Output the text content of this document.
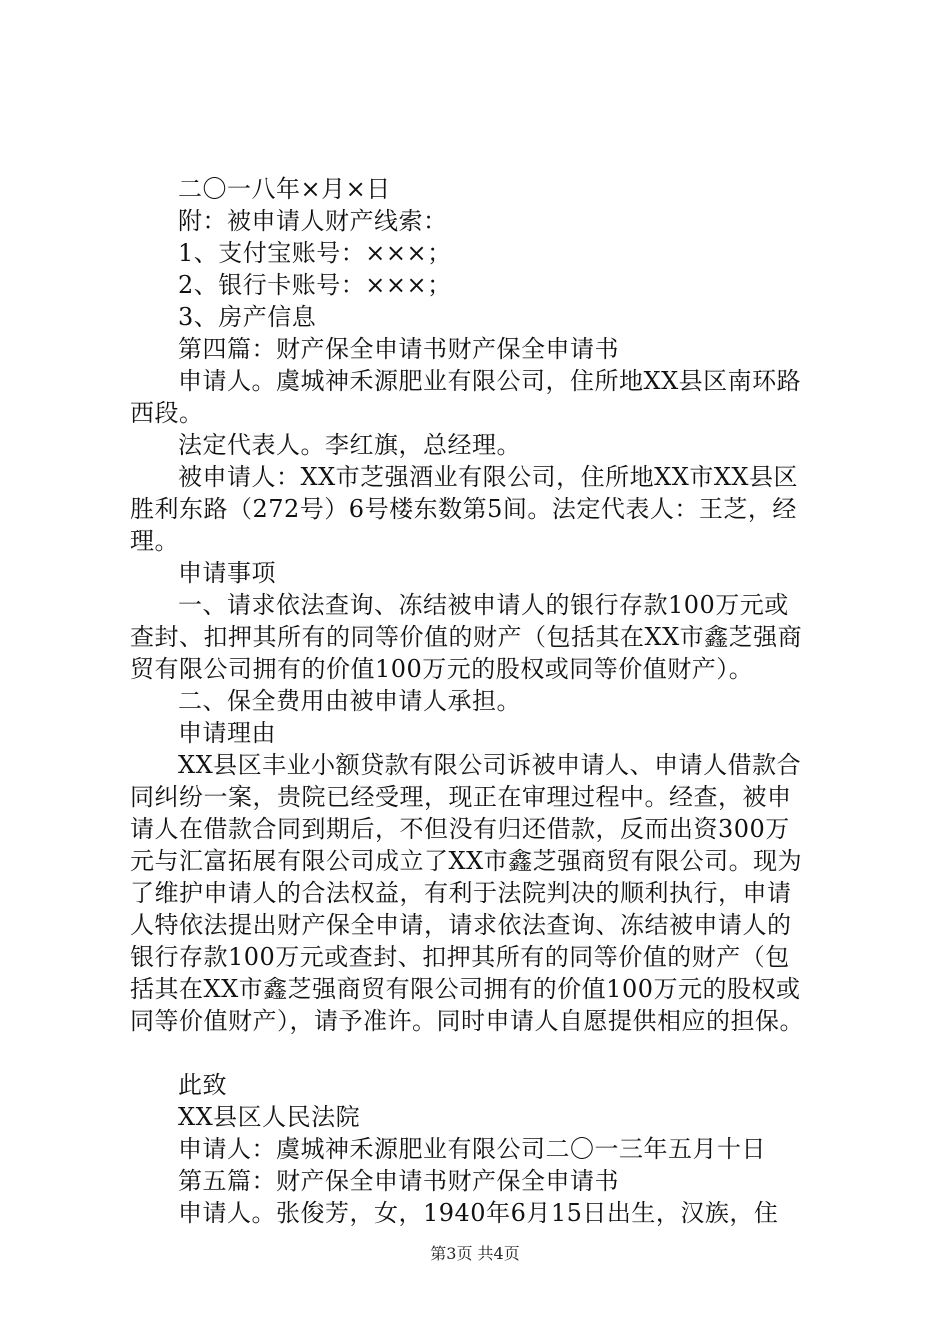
二〇一八年×月×日
附：被申请人财产线索：
1、支付宝账号：×××；
2、银行卡账号：×××；
3、房产信息
第四篇：财产保全申请书财产保全申请书
申请人。虞城神禾源肥业有限公司，住所地XX县区南环路
西段。
法定代表人。李红旗，总经理。
被申请人：XX市芝强酒业有限公司，住所地XX市XX县区
胜利东路（272号）6号楼东数第5间。法定代表人：王芝，经
理。
申请事项
一、请求依法查询、冻结被申请人的银行存款100万元或
查封、扣押其所有的同等价值的财产（包括其在XX市鑫芝强商
贸有限公司拥有的价值100万元的股权或同等价值财产）。
二、保全费用由被申请人承担。
申请理由
XX县区丰业小额贷款有限公司诉被申请人、申请人借款合
同纠纷一案，贵院已经受理，现正在审理过程中。经查，被申
请人在借款合同到期后，不但没有归还借款，反而出资300万
元与汇富拓展有限公司成立了XX市鑫芝强商贸有限公司。现为
了维护申请人的合法权益，有利于法院判决的顺利执行，申请
人特依法提出财产保全申请，请求依法查询、冻结被申请人的
银行存款100万元或查封、扣押其所有的同等价值的财产（包
括其在XX市鑫芝强商贸有限公司拥有的价值100万元的股权或
同等价值财产），请予准许。同时申请人自愿提供相应的担保。
此致
XX县区人民法院
申请人：虞城神禾源肥业有限公司二〇一三年五月十日
第五篇：财产保全申请书财产保全申请书
申请人。张俊芳，女，1940年6月15日出生，汉族，住
第3页 共4页
